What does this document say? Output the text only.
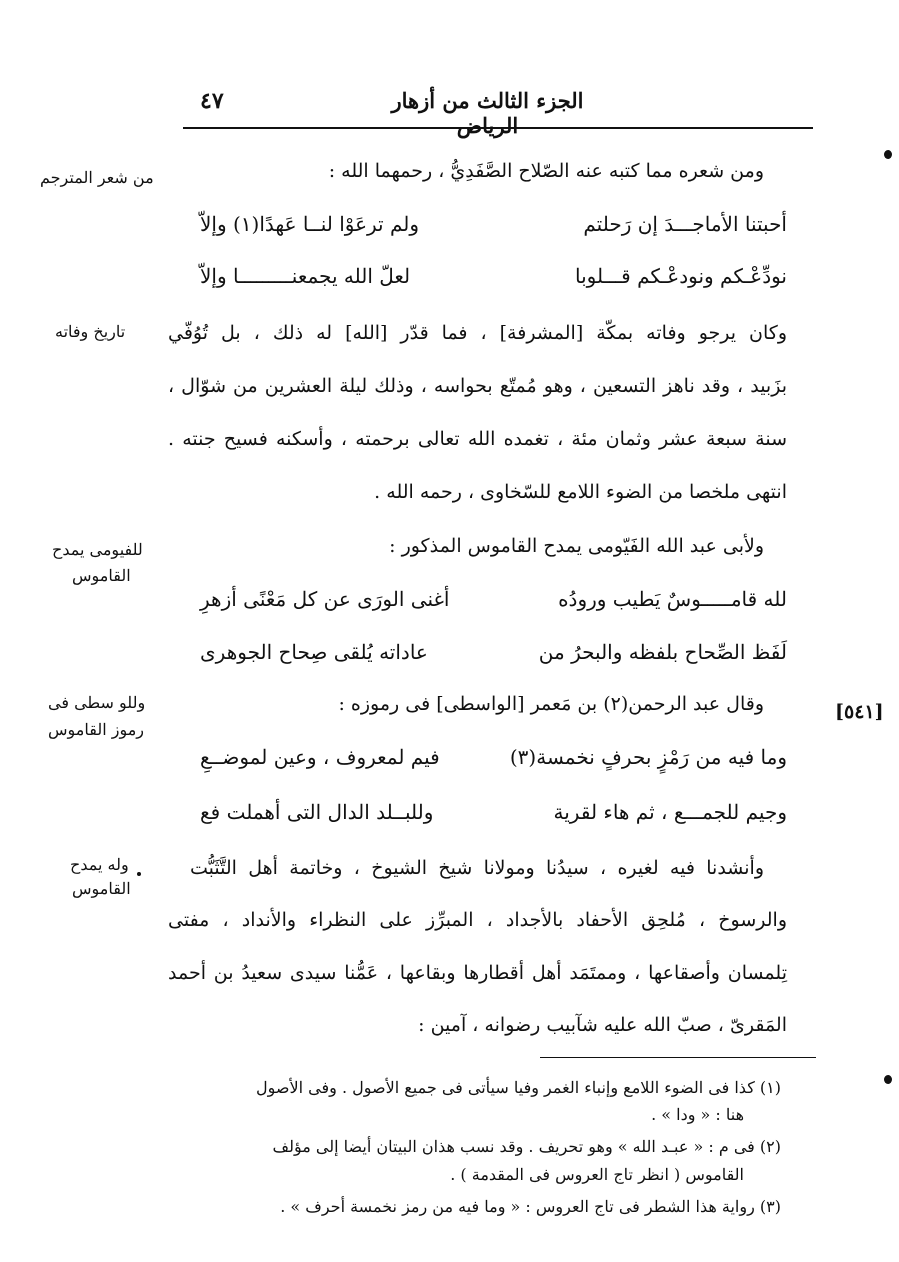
٤٧	الجزء الثالث من أزهار الرياض
ومن شعره مما كتبه عنه الصّلاح الصَّفَدِيُّ ، رحمهما الله :
أحبتنا الأماجـــدَ إن رَحلتم
ولم ترعَوْا لنــا عَهدًا(١) وإلاّ
نودِّعْـكم ونودعْـكم قـــلوبا
لعلّ الله يجمعنـــــــــا وإلاّ
وكان يرجو وفاته بمكّة [المشرفة] ، فما قدّر [الله] له ذلك ، بل تُوُفّي
بزَبيد ، وقد ناهز التسعين ، وهو مُمتّع بحواسه ، وذلك ليلة العشرين من شوّال ،
سنة سبعة عشر وثمان مئة ، تغمده الله تعالى برحمته ، وأسكنه فسيح جنته .
انتهى ملخصا من الضوء اللامع للسّخاوى ، رحمه الله .
ولأبى عبد الله الفَيّومى يمدح القاموس المذكور :
لله قامـــــوسٌ يَطيب ورودُه
أغنى الورَى عن كل مَعْنًى أزهرِ
لَفَظ الصِّحاح بلفظه والبحرُ من
عاداته يُلقى صِحاح الجوهرى
وقال عبد الرحمن(٢) بن مَعمر [الواسطى] فى رموزه :
وما فيه من رَمْزٍ بحرفٍ نخمسة(٣)
فيم لمعروف ، وعين لموضــعِ
وجيم للجمـــع ، ثم هاء لقرية
وللبــلد الدال التى أهملت فع
وأنشدنا فيه لغيره ، سيدُنا ومولانا شيخ الشيوخ ، وخاتمة أهل التَّثَبُّت
والرسوخ ، مُلحِق الأحفاد بالأجداد ، المبرِّز على النظراء والأنداد ، مفتى
تِلمسان وأصقاعها ، وممتَمَد أهل أقطارها وبقاعها ، عَمُّنا سيدى سعيدُ بن أحمد
المَقرىّ ، صبّ الله عليه شآبيب رضوانه ، آمين :
من شعر المترجم
تاريخ وفاته
للفيومى يمدح
القاموس
وللو سطى فى
رموز القاموس
وله يمدح
القاموس
[٥٤١]
(١) كذا فى الضوء اللامع وإنباء الغمر وفيا سيأتى فى جميع الأصول . وفى الأصول
هنا : « ودا » .
(٢) فى م : « عبـد الله » وهو تحريف . وقد نسب هذان البيتان أيضا إلى مؤلف
القاموس ( انظر تاج العروس فى المقدمة ) .
(٣) رواية هذا الشطر فى تاج العروس : « وما فيه من رمز نخمسة أحرف » .
